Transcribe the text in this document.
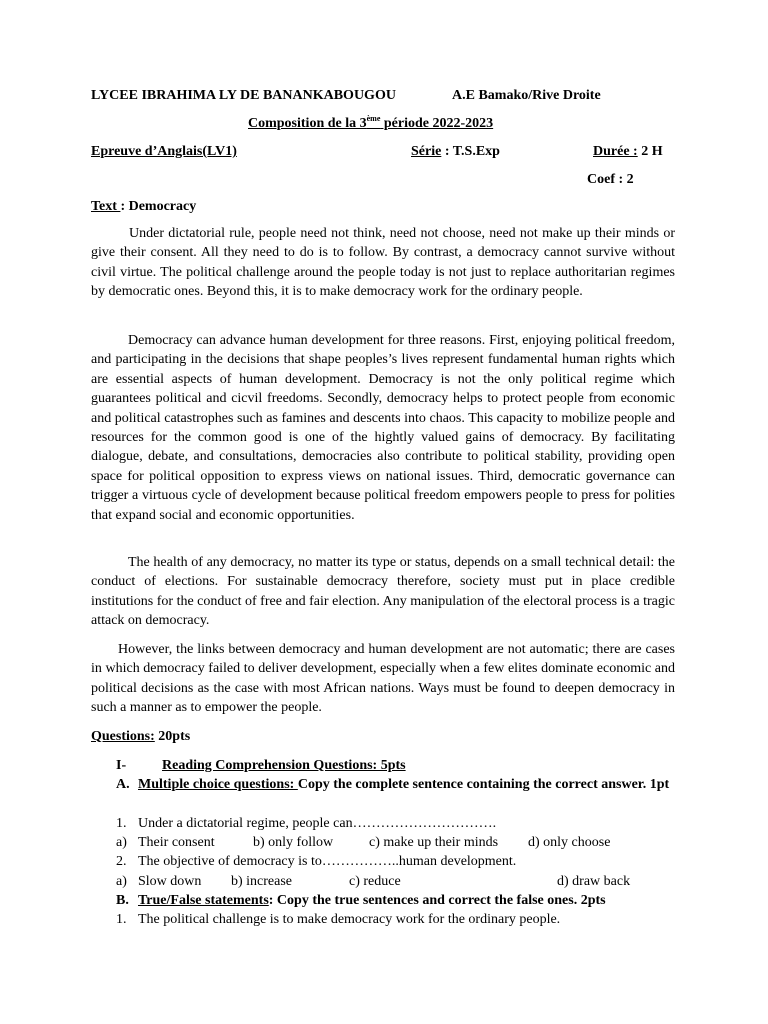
LYCEE IBRAHIMA LY DE BANANKABOUGOU	A.E Bamako/Rive Droite
Composition de la 3ème période 2022-2023
Epreuve d’Anglais(LV1)	Série : T.S.Exp	Durée : 2 H
Coef : 2
Text : Democracy

Under dictatorial rule, people need not think, need not choose, need not make up their minds or give their consent. All they need to do is to follow. By contrast, a democracy cannot survive without civil virtue. The political challenge around the people today is not just to replace authoritarian regimes by democratic ones. Beyond this, it is to make democracy work for the ordinary people.

Democracy can advance human development for three reasons. First, enjoying political freedom, and participating in the decisions that shape peoples’s lives represent fundamental human rights which are essential aspects of human development. Democracy is not the only political regime which guarantees political and cicvil freedoms. Secondly, democracy helps to protect people from economic and political catastrophes such as famines and descents into chaos. This capacity to mobilize people and resources for the common good is one of the hightly valued gains of democracy. By facilitating dialogue, debate, and consultations, democracies also contribute to political stability, providing open space for political opposition to express views on national issues. Third, democratic governance can trigger a virtuous cycle of development because political freedom empowers people to press for polities that expand social and economic opportunities.

The health of any democracy, no matter its type or status, depends on a small technical detail: the conduct of elections. For sustainable democracy therefore, society must put in place credible institutions for the conduct of free and fair election. Any manipulation of the electoral process is a tragic attack on democracy.

However, the links between democracy and human development are not automatic; there are cases in which democracy failed to deliver development, especially when a few elites dominate economic and political decisions as the case with most African nations. Ways must be found to deepen democracy in such a manner as to empower the people.

Questions: 20pts
I-	Reading Comprehension Questions: 5pts
A. Multiple choice questions: Copy the complete sentence containing the correct answer. 1pt
1. Under a dictatorial regime, people can………………………….
a) Their consent	b) only follow	c) make up their minds d) only choose
2. The objective of democracy is to……………..human development.
a) Slow down b) increase	c) reduce	d) draw back
B. True/False statements: Copy the true sentences and correct the false ones. 2pts
1. The political challenge is to make democracy work for the ordinary people.
